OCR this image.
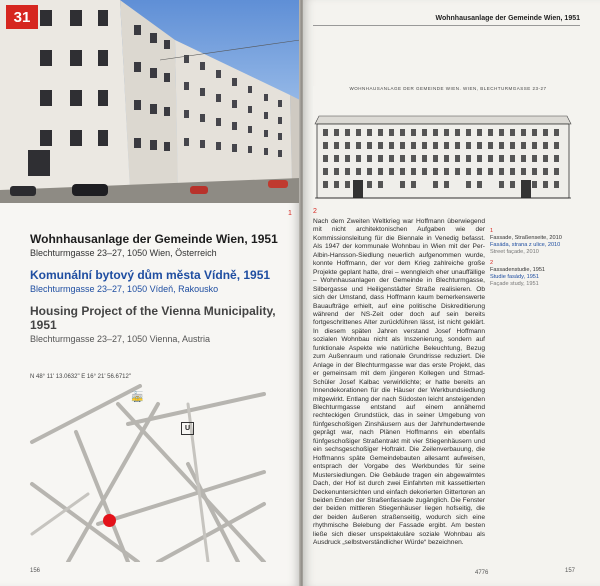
31
1

Wohnhausanlage der Gemeinde Wien, 1951

Blechturmgasse 23–27, 1050 Wien, Österreich

Komunální bytový dům města Vídně, 1951

Blechturmgasse 23–27, 1050 Vídeň, Rakousko

Housing Project of the Vienna Municipality, 1951

Blechturmgasse 23–27, 1050 Vienna, Austria

N 48° 11' 13.0632" E 16° 21' 56.6712"
🚋
U
156
Wohnhausanlage der Gemeinde Wien, 1951
WOHNHAUSANLAGE DER GEMEINDE WIEN. WIEN, BLECHTURMGASSE 23-27
2

Nach dem Zweiten Weltkrieg war Hoffmann überwiegend mit nicht architektonischen Aufgaben wie der Kommissionsleitung für die Biennale in Venedig befasst. Als 1947 der kommunale Wohnbau in Wien mit der Per-Albin-Hansson-Siedlung neuerlich aufgenommen wurde, konnte Hoffmann, der vor dem Krieg zahlreiche große Projekte geplant hatte, drei – wenngleich eher unauffällige – Wohnhausanlagen der Gemeinde in Blechturmgasse, Silbergasse und Heiligenstädter Straße realisieren. Ob sich der Umstand, dass Hoffmann kaum bemerkenswerte Bauaufträge erhielt, auf eine politische Diskreditierung während der NS-Zeit oder doch auf sein bereits fortgeschrittenes Alter zurückführen lässt, ist nicht geklärt. In diesem späten Jahren verstand Josef Hoffmann sozialen Wohnbau nicht als Inszenierung, sondern auf funktionale Aspekte wie natürliche Beleuchtung, Bezug zum Außenraum und rationale Grundrisse reduziert. Die Anlage in der Blechturmgasse war das erste Projekt, das er gemeinsam mit dem jüngeren Kollegen und Strnad-Schüler Josef Kalbac verwirklichte; er hatte bereits an Innendekorationen für die Häuser der Werkbundsiedlung mitgewirkt. Entlang der nach Südosten leicht ansteigenden Blechturmgasse entstand auf einem annähernd rechteckigen Grundstück, das in seiner Umgebung von fünfgeschoßigen Zinshäusern aus der Jahrhundertwende geprägt war, nach Plänen Hoffmanns ein ebenfalls fünfgeschoßiger Straßentrakt mit vier Stiegenhäusern und ein sechsgeschoßiger Hoftrakt. Die Zeilenverbauung, die Hoffmanns späte Gemeindebauten allesamt aufweisen, entsprach der Vorgabe des Werkbundes für seine Mustersiedlungen. Die Gebäude tragen ein abgewalmtes Dach, der Hof ist durch zwei Einfahrten mit kassettierten Deckenuntersichten und einfach dekorierten Gittertoren an beiden Enden der Straßenfassade zugänglich. Die Fenster der beiden mittleren Stiegenhäuser liegen hofseitig, die der beiden äußeren straßenseitig, wodurch sich eine rhythmische Belebung der Fassade ergibt. Am besten ließe sich dieser unspektakuläre soziale Wohnbau als Ausdruck „selbstverständlicher Würde“ bezeichnen.

1

Fassade, Straßenseite, 2010

Fasáda, strana z ulice, 2010

Street façade, 2010

2

Fassadenstudie, 1951

Studie fasády, 1951

Façade study, 1951

4776	157
